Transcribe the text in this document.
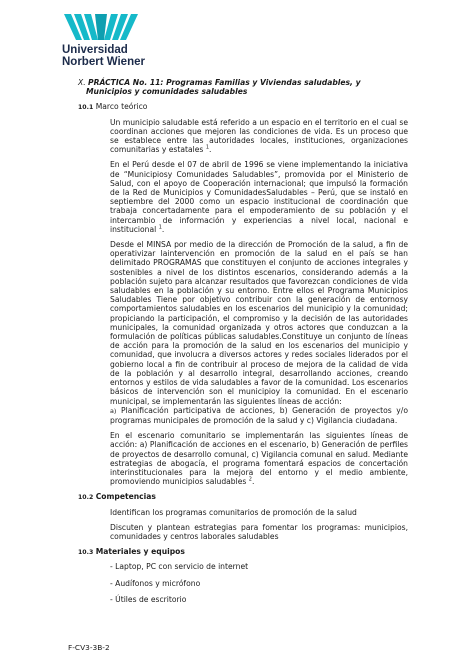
Universidad
Norbert Wiener

X. PRÁCTICA No. 11: Programas Familias y Viviendas saludables, y Municipios y comunidades saludables

10.1 Marco teórico

Un municipio saludable está referido a un espacio en el territorio en el cual se coordinan acciones que mejoren las condiciones de vida. Es un proceso que se establece entre las autoridades locales, instituciones, organizaciones comunitarias y estatales $^1$.

En el Perú desde el 07 de abril de 1996 se viene implementando la iniciativa de “Municipiosy Comunidades Saludables”, promovida por el Ministerio de Salud, con el apoyo de Cooperación internacional; que impulsó la formación de la Red de Municipios y ComunidadesSaludables – Perú, que se instaló en septiembre del 2000 como un espacio institucional de coordinación que trabaja concertadamente para el empoderamiento de su población y el intercambio de información y experiencias a nivel local, nacional e institucional $^1$.

Desde el MINSA por medio de la dirección de Promoción de la salud, a fin de operativizar laintervención en promoción de la salud en el país se han delimitado PROGRAMAS que constituyen el conjunto de acciones integrales y sostenibles a nivel de los distintos escenarios, considerando además a la población sujeto para alcanzar resultados que favorezcan condiciones de vida saludables en la población y su entorno. Entre ellos el Programa Municipios Saludables Tiene por objetivo contribuir con la generación de entornosy comportamientos saludables en los escenarios del municipio y la comunidad; propiciando la participación, el compromiso y la decisión de las autoridades municipales, la comunidad organizada y otros actores que conduzcan a la formulación de políticas públicas saludables.Constituye un conjunto de líneas de acción para la promoción de la salud en los escenarios del municipio y comunidad, que involucra a diversos actores y redes sociales liderados por el gobierno local a fin de contribuir al proceso de mejora de la calidad de vida de la población y al desarrollo integral, desarrollando acciones, creando entornos y estilos de vida saludables a favor de la comunidad. Los escenarios básicos de intervención son el municipioy la comunidad. En el escenario municipal, se implementarán las siguientes líneas de acción:

a) Planificación participativa de acciones, b) Generación de proyectos y/o programas municipales de promoción de la salud y c) Vigilancia ciudadana.

En el escenario comunitario se implementarán las siguientes líneas de acción: a) Planificación de acciones en el escenario, b) Generación de perfiles de proyectos de desarrollo comunal, c) Vigilancia comunal en salud. Mediante estrategias de abogacía, el programa fomentará espacios de concertación interinstitucionales para la mejora del entorno y el medio ambiente, promoviendo municipios saludables $^2$.

10.2 Competencias

Identifican los programas comunitarios de promoción de la salud

Discuten y plantean estrategias para fomentar los programas: municipios, comunidades y centros laborales saludables

10.3 Materiales y equipos
- Laptop, PC con servicio de internet
- Audífonos y micrófono
- Útiles de escritorio
F-CV3-3B-2
